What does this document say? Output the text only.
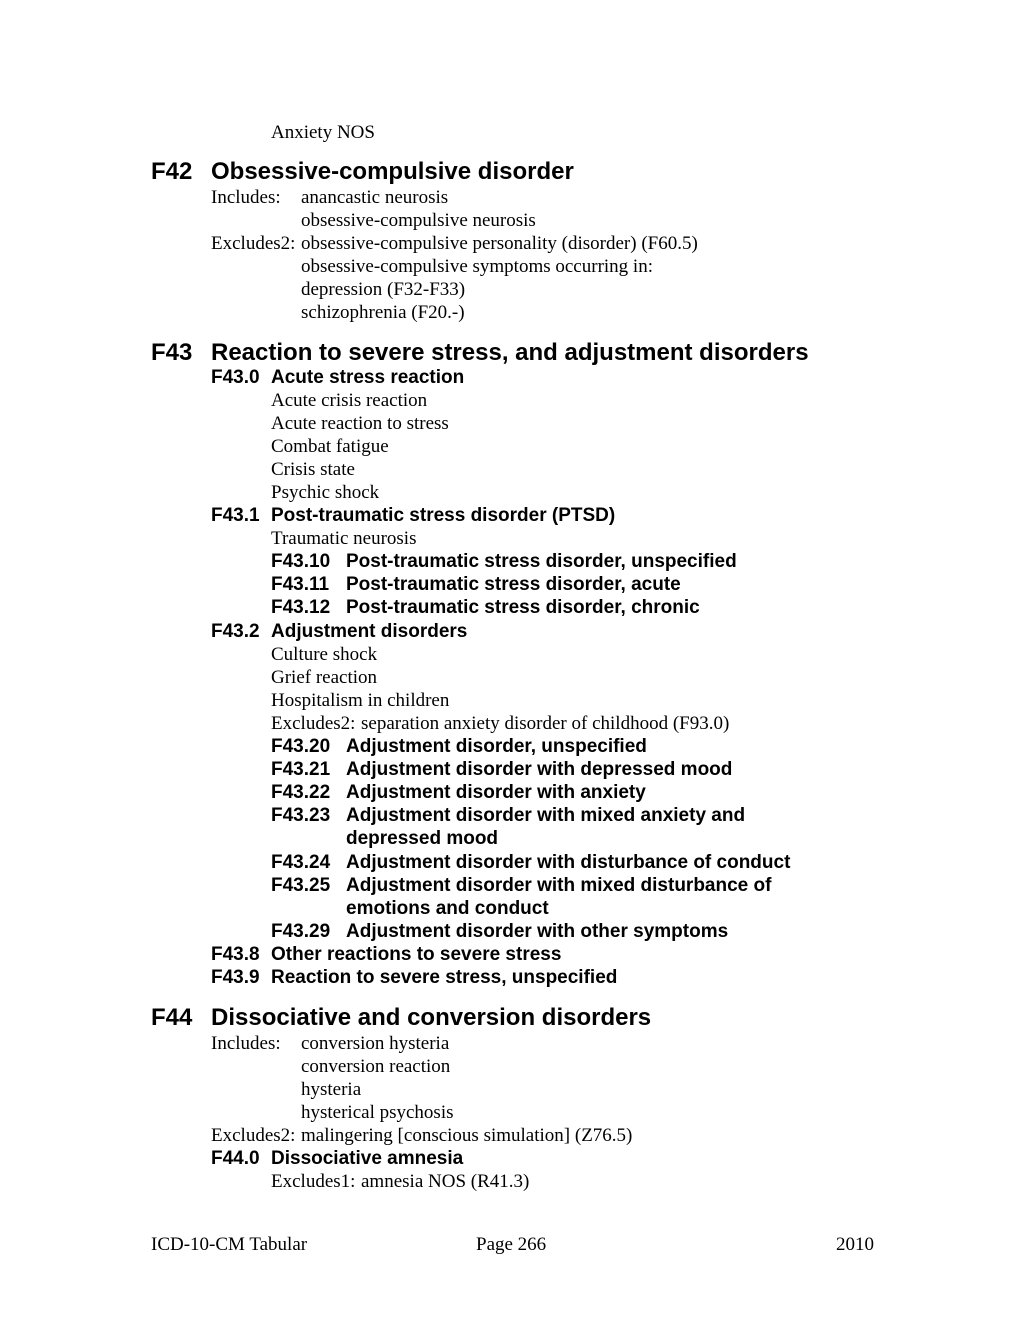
Anxiety NOS
F42 Obsessive-compulsive disorder
Includes: anancastic neurosis
obsessive-compulsive neurosis
Excludes2: obsessive-compulsive personality (disorder) (F60.5)
obsessive-compulsive symptoms occurring in:
depression (F32-F33)
schizophrenia (F20.-)
F43 Reaction to severe stress, and adjustment disorders
F43.0 Acute stress reaction
Acute crisis reaction
Acute reaction to stress
Combat fatigue
Crisis state
Psychic shock
F43.1 Post-traumatic stress disorder (PTSD)
Traumatic neurosis
F43.10 Post-traumatic stress disorder, unspecified
F43.11 Post-traumatic stress disorder, acute
F43.12 Post-traumatic stress disorder, chronic
F43.2 Adjustment disorders
Culture shock
Grief reaction
Hospitalism in children
Excludes2: separation anxiety disorder of childhood (F93.0)
F43.20 Adjustment disorder, unspecified
F43.21 Adjustment disorder with depressed mood
F43.22 Adjustment disorder with anxiety
F43.23 Adjustment disorder with mixed anxiety and
depressed mood
F43.24 Adjustment disorder with disturbance of conduct
F43.25 Adjustment disorder with mixed disturbance of
emotions and conduct
F43.29 Adjustment disorder with other symptoms
F43.8 Other reactions to severe stress
F43.9 Reaction to severe stress, unspecified
F44 Dissociative and conversion disorders
Includes: conversion hysteria
conversion reaction
hysteria
hysterical psychosis
Excludes2: malingering [conscious simulation] (Z76.5)
F44.0 Dissociative amnesia
Excludes1: amnesia NOS (R41.3)
ICD-10-CM Tabular	Page 266	2010
